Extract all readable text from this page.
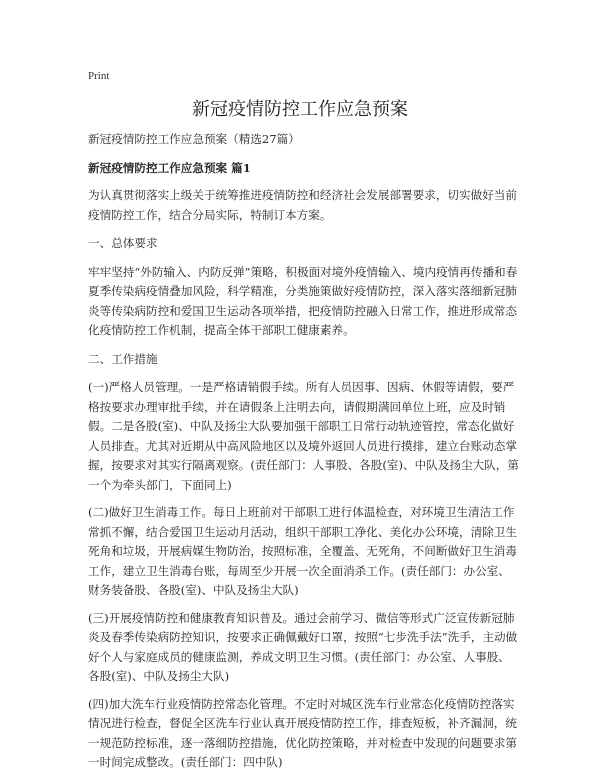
Print
新冠疫情防控工作应急预案

新冠疫情防控工作应急预案（精选27篇）

新冠疫情防控工作应急预案 篇1

为认真贯彻落实上级关于统筹推进疫情防控和经济社会发展部署要求，切实做好当前疫情防控工作，结合分局实际，特制订本方案。

一、总体要求

牢牢坚持“外防输入、内防反弹”策略，积极面对境外疫情输入、境内疫情再传播和春夏季传染病疫情叠加风险，科学精准，分类施策做好疫情防控，深入落实落细新冠肺炎等传染病防控和爱国卫生运动各项举措，把疫情防控融入日常工作，推进形成常态化疫情防控工作机制，提高全体干部职工健康素养。

二、工作措施

(一)严格人员管理。一是严格请销假手续。所有人员因事、因病、休假等请假，要严格按要求办理审批手续，并在请假条上注明去向，请假期满回单位上班，应及时销假。二是各股(室)、中队及扬尘大队要加强干部职工日常行动轨迹管控，常态化做好人员排查。尤其对近期从中高风险地区以及境外返回人员进行摸排，建立台账动态掌握，按要求对其实行隔离观察。(责任部门：人事股、各股(室)、中队及扬尘大队，第一个为牵头部门，下面同上)

(二)做好卫生消毒工作。每日上班前对干部职工进行体温检查，对环境卫生清洁工作常抓不懈，结合爱国卫生运动月活动，组织干部职工净化、美化办公环境，清除卫生死角和垃圾，开展病媒生物防治，按照标准，全覆盖、无死角，不间断做好卫生消毒工作，建立卫生消毒台账，每周至少开展一次全面消杀工作。(责任部门：办公室、财务装备股、各股(室)、中队及扬尘大队)

(三)开展疫情防控和健康教育知识普及。通过会前学习、微信等形式广泛宣传新冠肺炎及春季传染病防控知识，按要求正确佩戴好口罩，按照“七步洗手法”洗手，主动做好个人与家庭成员的健康监测，养成文明卫生习惯。(责任部门：办公室、人事股、各股(室)、中队及扬尘大队)

(四)加大洗车行业疫情防控常态化管理。不定时对城区洗车行业常态化疫情防控落实情况进行检查，督促全区洗车行业认真开展疫情防控工作，排查短板，补齐漏洞，统一规范防控标准，逐一落细防控措施，优化防控策略，并对检查中发现的问题要求第一时间完成整改。(责任部门：四中队)
